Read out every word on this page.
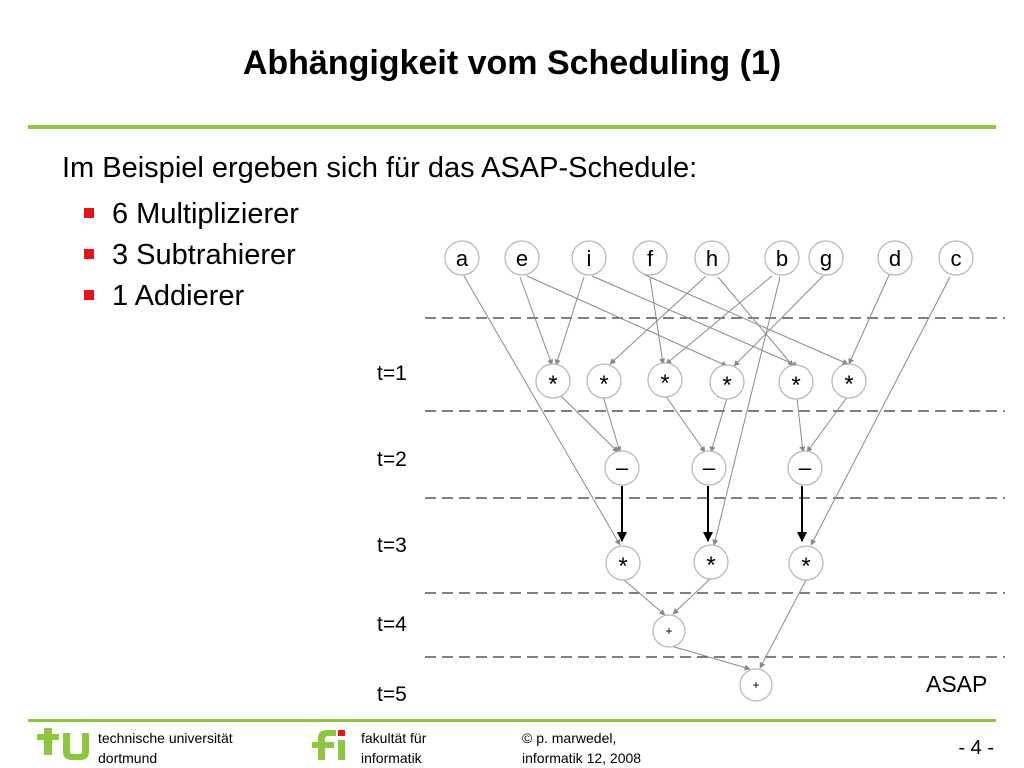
Abhängigkeit vom Scheduling (1)
Im Beispiel ergeben sich für das ASAP-Schedule:
6 Multiplizierer
3 Subtrahierer
1 Addierer
a e	i	f h	b g	d c
* * * * * *
–	–	–
*	*	*
+
+
t=1
t=2
t=3
t=4
t=5	ASAP
technische universität
dortmund
fakultät für
informatik
© p. marwedel,
informatik 12, 2008	- 4 -
